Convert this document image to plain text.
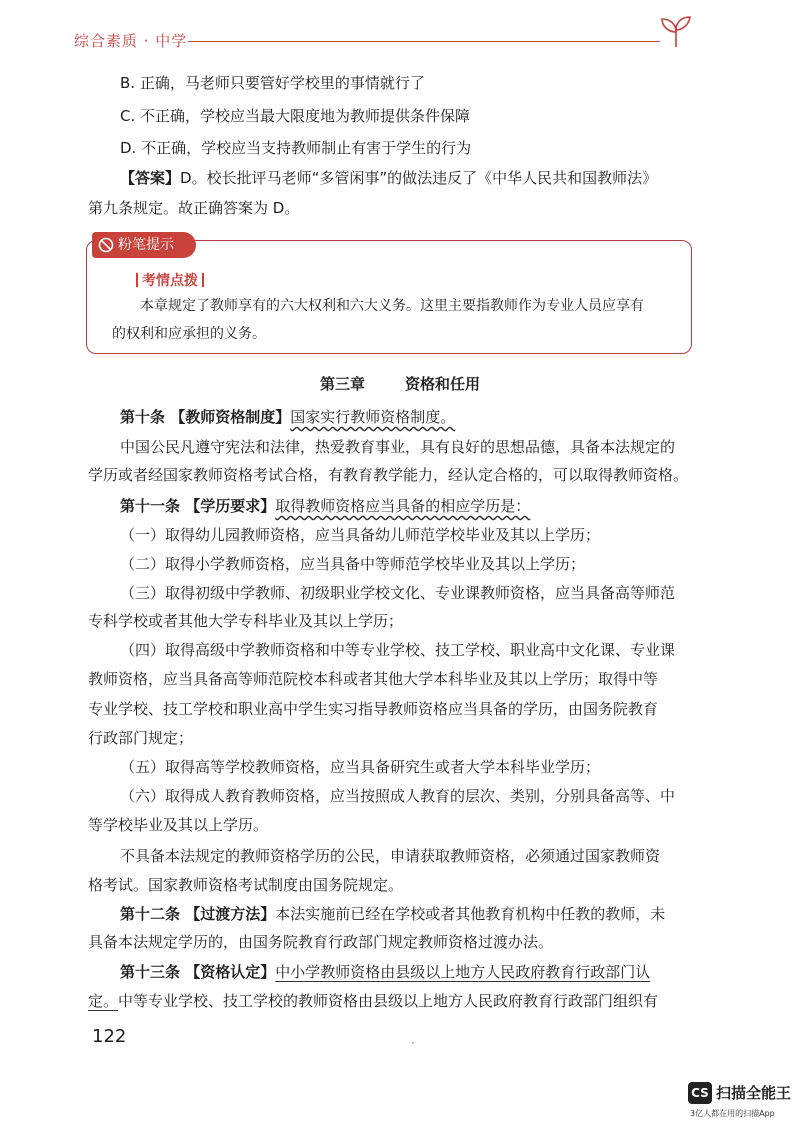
综合素质 · 中学
B. 正确，马老师只要管好学校里的事情就行了
C. 不正确，学校应当最大限度地为教师提供条件保障
D. 不正确，学校应当支持教师制止有害于学生的行为
【答案】D。校长批评马老师“多管闲事”的做法违反了《中华人民共和国教师法》
第九条规定。故正确答案为 D。
粉笔提示
考情点拨
本章规定了教师享有的六大权利和六大义务。这里主要指教师作为专业人员应享有
的权利和应承担的义务。
第三章	资格和任用
第十条 【教师资格制度】国家实行教师资格制度。
中国公民凡遵守宪法和法律，热爱教育事业，具有良好的思想品德，具备本法规定的
学历或者经国家教师资格考试合格，有教育教学能力，经认定合格的，可以取得教师资格。
第十一条 【学历要求】取得教师资格应当具备的相应学历是：
（一）取得幼儿园教师资格，应当具备幼儿师范学校毕业及其以上学历；
（二）取得小学教师资格，应当具备中等师范学校毕业及其以上学历；
（三）取得初级中学教师、初级职业学校文化、专业课教师资格，应当具备高等师范
专科学校或者其他大学专科毕业及其以上学历；
（四）取得高级中学教师资格和中等专业学校、技工学校、职业高中文化课、专业课
教师资格，应当具备高等师范院校本科或者其他大学本科毕业及其以上学历；取得中等
专业学校、技工学校和职业高中学生实习指导教师资格应当具备的学历，由国务院教育
行政部门规定；
（五）取得高等学校教师资格，应当具备研究生或者大学本科毕业学历；
（六）取得成人教育教师资格，应当按照成人教育的层次、类别，分别具备高等、中
等学校毕业及其以上学历。
不具备本法规定的教师资格学历的公民，申请获取教师资格，必须通过国家教师资
格考试。国家教师资格考试制度由国务院规定。
第十二条 【过渡方法】本法实施前已经在学校或者其他教育机构中任教的教师，未
具备本法规定学历的，由国务院教育行政部门规定教师资格过渡办法。
第十三条 【资格认定】中小学教师资格由县级以上地方人民政府教育行政部门认
定。中等专业学校、技工学校的教师资格由县级以上地方人民政府教育行政部门组织有
122	·
CS 扫描全能王
3亿人都在用的扫描App
